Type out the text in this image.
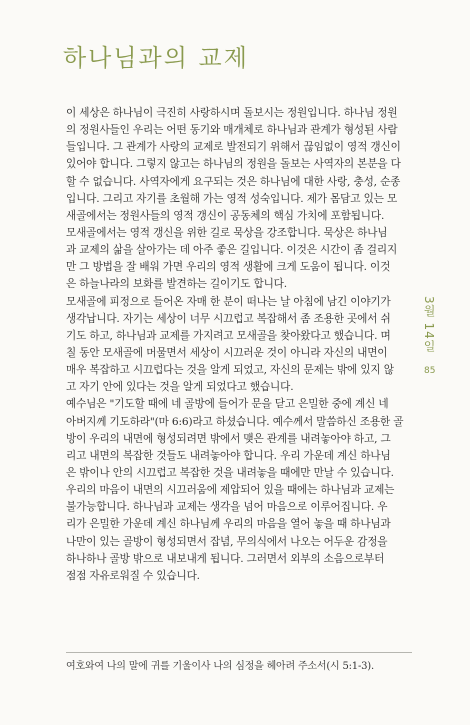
하나님과의 교제
이 세상은 하나님이 극진히 사랑하시며 돌보시는 정원입니다. 하나님 정원
의 정원사들인 우리는 어떤 동기와 매개체로 하나님과 관계가 형성된 사람
들입니다. 그 관계가 사랑의 교제로 발전되기 위해서 끊임없이 영적 갱신이
있어야 합니다. 그렇지 않고는 하나님의 정원을 돌보는 사역자의 본분을 다
할 수 없습니다. 사역자에게 요구되는 것은 하나님에 대한 사랑, 충성, 순종
입니다. 그리고 자기를 초월해 가는 영적 성숙입니다. 제가 몸담고 있는 모
새골에서는 정원사들의 영적 갱신이 공동체의 핵심 가치에 포함됩니다.
모새골에서는 영적 갱신을 위한 길로 묵상을 강조합니다. 묵상은 하나님
과 교제의 삶을 살아가는 데 아주 좋은 길입니다. 이것은 시간이 좀 걸리지
만 그 방법을 잘 배워 가면 우리의 영적 생활에 크게 도움이 됩니다. 이것
은 하늘나라의 보화를 발견하는 길이기도 합니다.
모새골에 피정으로 들어온 자매 한 분이 떠나는 날 아침에 남긴 이야기가
생각납니다. 자기는 세상이 너무 시끄럽고 복잡해서 좀 조용한 곳에서 쉬
기도 하고, 하나님과 교제를 가지려고 모새골을 찾아왔다고 했습니다. 며
칠 동안 모새골에 머물면서 세상이 시끄러운 것이 아니라 자신의 내면이
매우 복잡하고 시끄럽다는 것을 알게 되었고, 자신의 문제는 밖에 있지 않
고 자기 안에 있다는 것을 알게 되었다고 했습니다.
예수님은 "기도할 때에 네 골방에 들어가 문을 닫고 은밀한 중에 계신 네
아버지께 기도하라"(마 6:6)라고 하셨습니다. 예수께서 말씀하신 조용한 골
방이 우리의 내면에 형성되려면 밖에서 맺은 관계를 내려놓아야 하고, 그
리고 내면의 복잡한 것들도 내려놓아야 합니다. 우리 가운데 계신 하나님
은 밖이나 안의 시끄럽고 복잡한 것을 내려놓을 때에만 만날 수 있습니다.
우리의 마음이 내면의 시끄러움에 제압되어 있을 때에는 하나님과 교제는
불가능합니다. 하나님과 교제는 생각을 넘어 마음으로 이루어집니다. 우
리가 은밀한 가운데 계신 하나님께 우리의 마음을 열어 놓을 때 하나님과
나만이 있는 골방이 형성되면서 잡념, 무의식에서 나오는 어두운 감정을
하나하나 골방 밖으로 내보내게 됩니다. 그러면서 외부의 소음으로부터
점점 자유로워질 수 있습니다.
여호와여 나의 말에 귀를 기울이사 나의 심정을 헤아려 주소서(시 5:1-3).
3월 14일
85
